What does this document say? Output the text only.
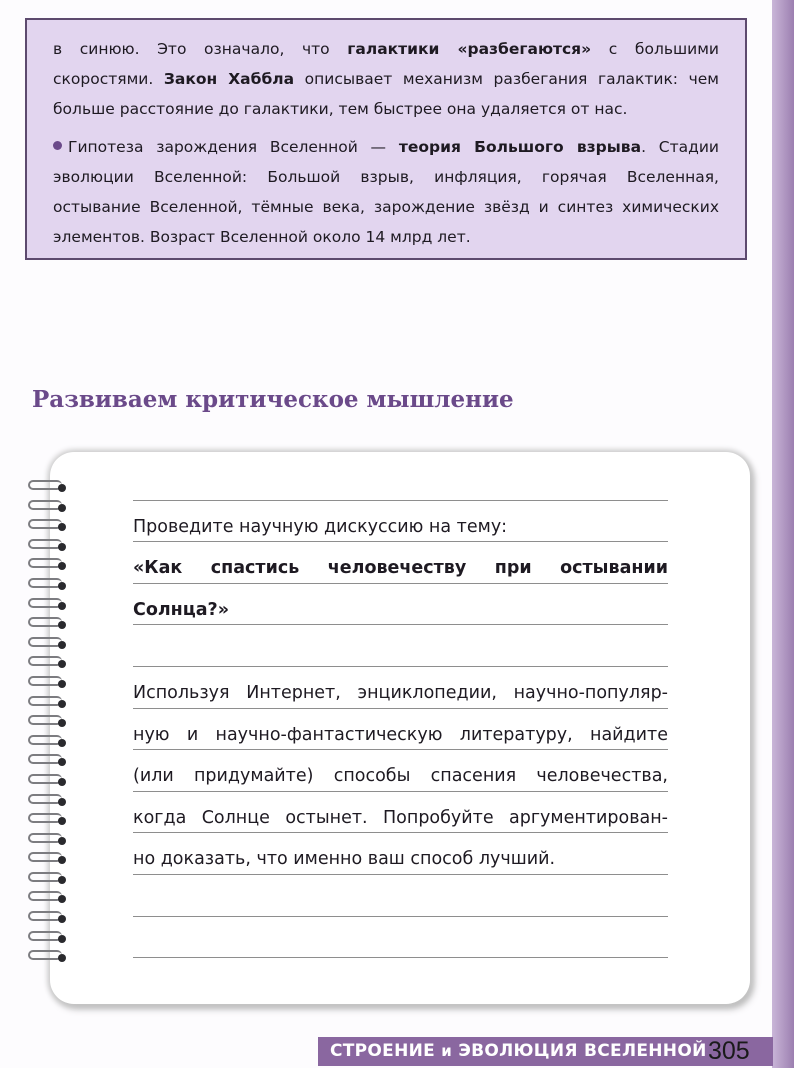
в синюю. Это означало, что галактики «разбегаются» с большими скоростями. Закон Хаббла описывает механизм разбегания галактик: чем больше расстояние до галактики, тем быстрее она удаляется от нас.

Гипотеза зарождения Вселенной — теория Большого взрыва. Стадии эволюции Вселенной: Большой взрыв, инфляция, горячая Вселенная, остывание Вселенной, тёмные века, зарождение звёзд и синтез химических элементов. Возраст Вселенной около 14 млрд лет.

Развиваем критическое мышление
Проведите научную дискуссию на тему:
«Как спастись человечеству при остывании
Солнца?»
Используя Интернет, энциклопедии, научно-популяр-
ную и научно-фантастическую литературу, найдите
(или придумайте) способы спасения человечества,
когда Солнце остынет. Попробуйте аргументирован-
но доказать, что именно ваш способ лучший.
СТРОЕНИЕ и ЭВОЛЮЦИЯ ВСЕЛЕННОЙ 305
